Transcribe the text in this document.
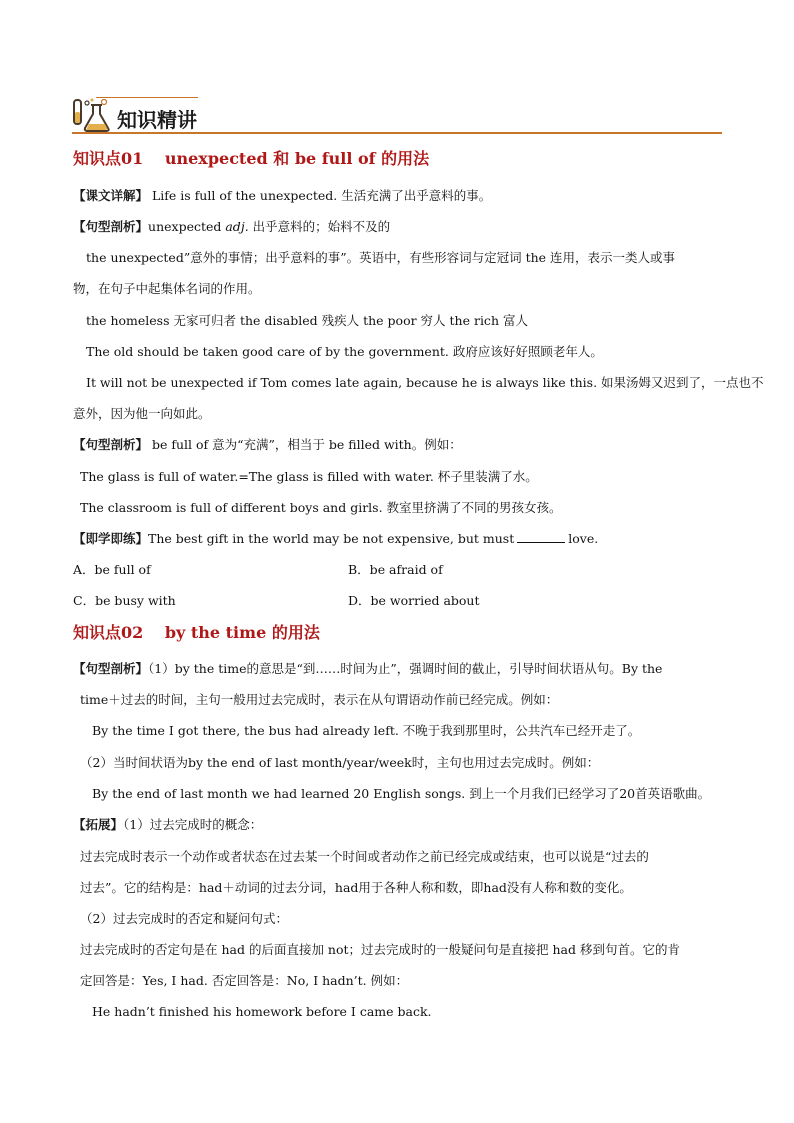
知识精讲
知识点01　 unexpected 和 be full of 的用法
【课文详解】 Life is full of the unexpected. 生活充满了出乎意料的事。
【句型剖析】unexpected adj. 出乎意料的；始料不及的
the unexpected”意外的事情；出乎意料的事”。英语中，有些形容词与定冠词 the 连用，表示一类人或事
物，在句子中起集体名词的作用。
the homeless 无家可归者 the disabled 残疾人 the poor 穷人 the rich 富人
The old should be taken good care of by the government. 政府应该好好照顾老年人。
It will not be unexpected if Tom comes late again, because he is always like this. 如果汤姆又迟到了，一点也不
意外，因为他一向如此。
【句型剖析】 be full of 意为“充满”，相当于 be filled with。例如：
The glass is full of water.=The glass is filled with water. 杯子里装满了水。
The classroom is full of different boys and girls. 教室里挤满了不同的男孩女孩。
【即学即练】The best gift in the world may be not expensive, but must	love.
A．be full of	B．be afraid of
C．be busy with	D．be worried about
知识点02　 by the time 的用法
【句型剖析】（1）by the time的意思是“到……时间为止”，强调时间的截止，引导时间状语从句。By the
time＋过去的时间，主句一般用过去完成时，表示在从句谓语动作前已经完成。例如：
By the time I got there, the bus had already left. 不晚于我到那里时，公共汽车已经开走了。
（2）当时间状语为by the end of last month/year/week时，主句也用过去完成时。例如：
By the end of last month we had learned 20 English songs. 到上一个月我们已经学习了20首英语歌曲。
【拓展】（1）过去完成时的概念：
过去完成时表示一个动作或者状态在过去某一个时间或者动作之前已经完成或结束，也可以说是“过去的
过去”。它的结构是：had＋动词的过去分词，had用于各种人称和数，即had没有人称和数的变化。
（2）过去完成时的否定和疑问句式：
过去完成时的否定句是在 had 的后面直接加 not；过去完成时的一般疑问句是直接把 had 移到句首。它的肯
定回答是：Yes, I had. 否定回答是：No, I hadn’t. 例如：
He hadn’t finished his homework before I came back.
